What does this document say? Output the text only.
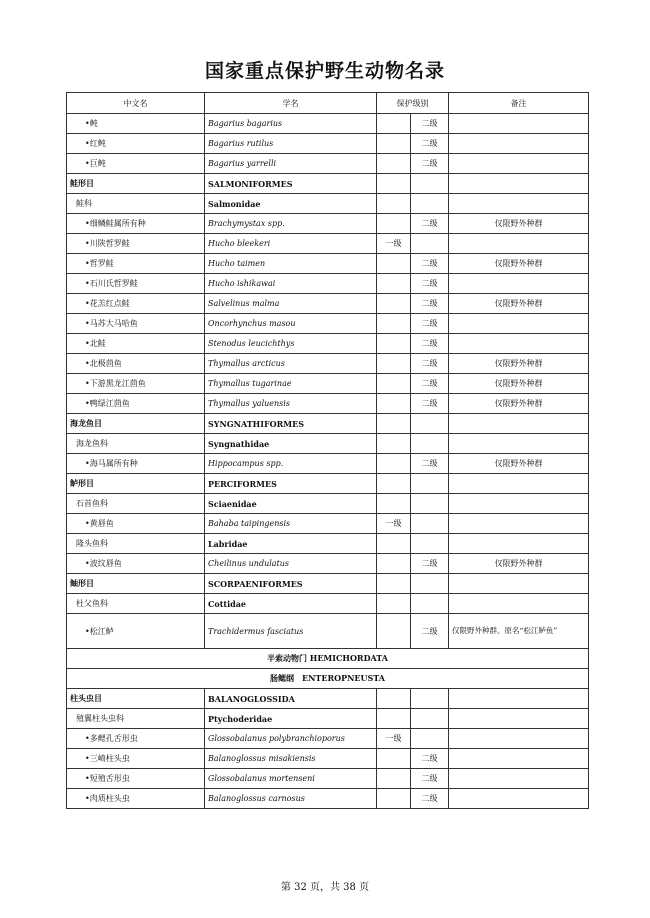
国家重点保护野生动物名录
中文名	学名	保护级别		备注
•鲀	Bagarius bagarius		二级	
•红鲀	Bagarius rutilus		二级	
•巨鲀	Bagarius yarrelli		二级	
鲑形目	SALMONIFORMES			
鲑科	Salmonidae			
•细鳞鲑属所有种	Brachymystax spp.		二级	仅限野外种群
•川陕哲罗鲑	Hucho bleekeri	一级		
•哲罗鲑	Hucho taimen		二级	仅限野外种群
•石川氏哲罗鲑	Hucho ishikawai		二级	
•花羔红点鲑	Salvelinus malma		二级	仅限野外种群
•马苏大马哈鱼	Oncorhynchus masou		二级	
•北鲑	Stenodus leucichthys		二级	
•北极茴鱼	Thymallus arcticus		二级	仅限野外种群
•下游黑龙江茴鱼	Thymallus tugarinae		二级	仅限野外种群
•鸭绿江茴鱼	Thymallus yaluensis		二级	仅限野外种群
海龙鱼目	SYNGNATHIFORMES			
海龙鱼科	Syngnathidae			
•海马属所有种	Hippocampus spp.		二级	仅限野外种群
鲈形目	PERCIFORMES			
石首鱼科	Sciaenidae			
•黄唇鱼	Bahaba taipingensis	一级		
隆头鱼科	Labridae			
•波纹唇鱼	Cheilinus undulatus		二级	仅限野外种群
鲉形目	SCORPAENIFORMES			
杜父鱼科	Cottidae			
•松江鲈	Trachidermus fasciatus		二级	仅限野外种群。原名“松江鲈鱼”
半索动物门 HEMICHORDATA				
肠鳃纲　ENTEROPNEUSTA				
柱头虫目	BALANOGLOSSIDA			
殖翼柱头虫科	Ptychoderidae			
•多鳃孔舌形虫	Glossobalanus polybranchioporus	一级		
•三崎柱头虫	Balanoglossus misakiensis		二级	
•短殖舌形虫	Glossobalanus mortenseni		二级	
•肉质柱头虫	Balanoglossus carnosus		二级	
第 32 页，共 38 页
